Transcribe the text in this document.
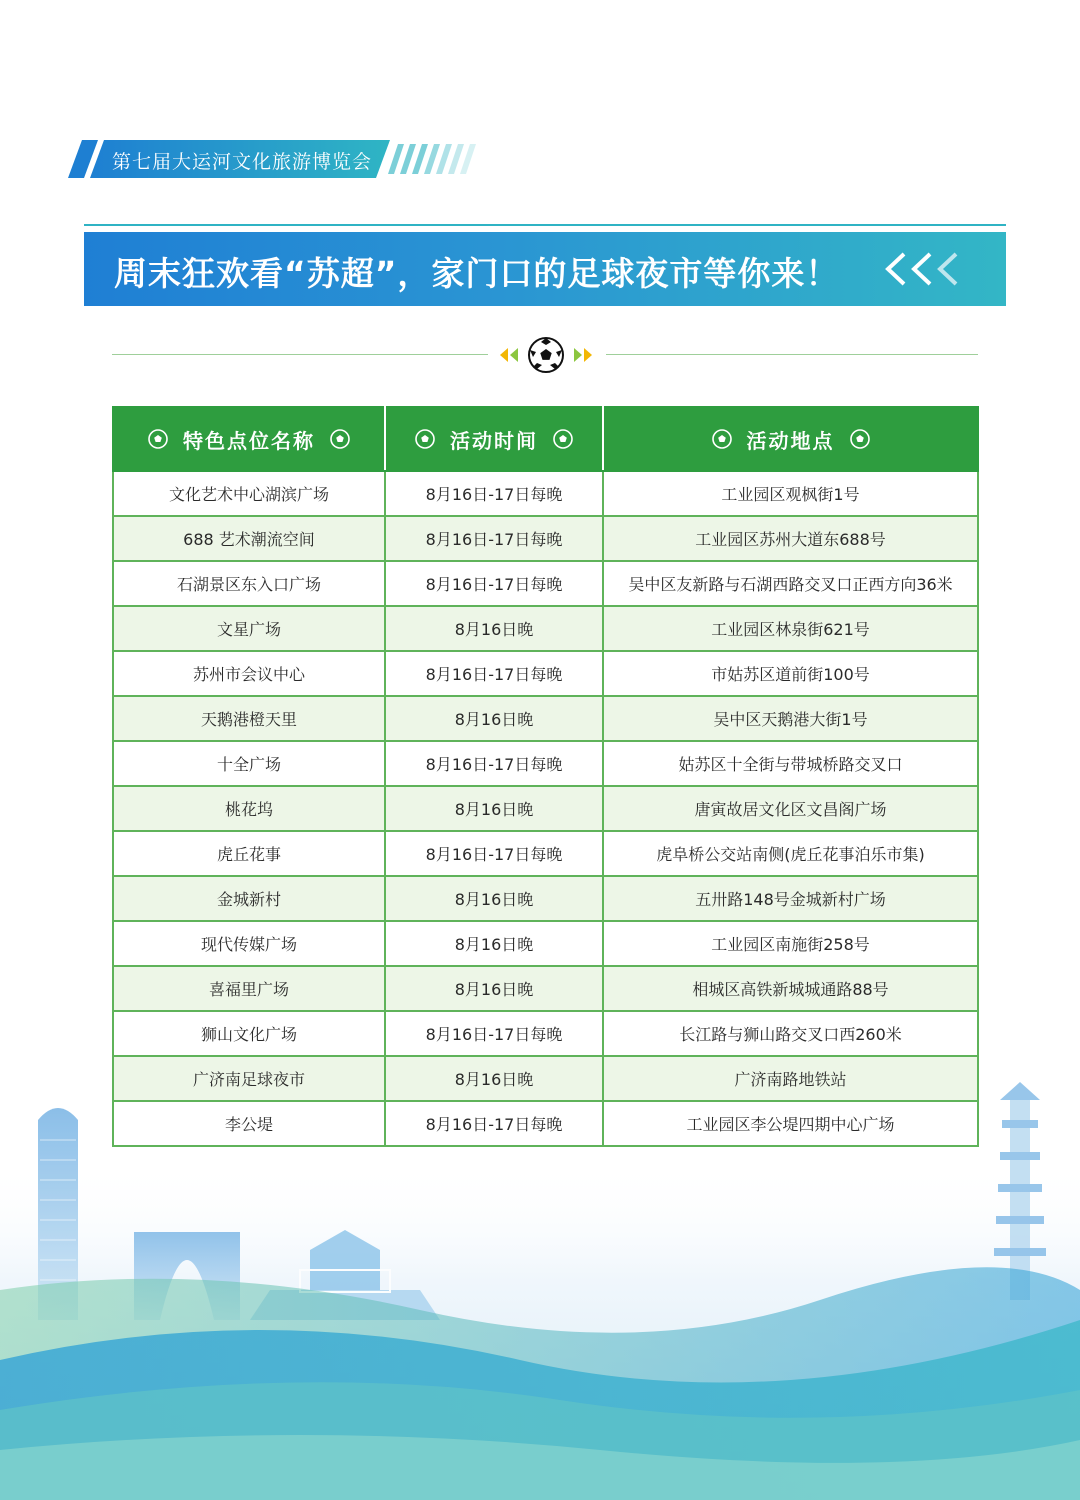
第七届大运河文化旅游博览会
周末狂欢看“苏超”，家门口的足球夜市等你来！
特色点位名称	活动时间	活动地点

文化艺术中心湖滨广场	8月16日-17日每晚	工业园区观枫街1号
688 艺术潮流空间	8月16日-17日每晚	工业园区苏州大道东688号
石湖景区东入口广场	8月16日-17日每晚	吴中区友新路与石湖西路交叉口正西方向36米
文星广场	8月16日晚	工业园区林泉街621号
苏州市会议中心	8月16日-17日每晚	市姑苏区道前街100号
天鹅港橙天里	8月16日晚	吴中区天鹅港大街1号
十全广场	8月16日-17日每晚	姑苏区十全街与带城桥路交叉口
桃花坞	8月16日晚	唐寅故居文化区文昌阁广场
虎丘花事	8月16日-17日每晚	虎阜桥公交站南侧(虎丘花事泊乐市集)
金城新村	8月16日晚	五卅路148号金城新村广场
现代传媒广场	8月16日晚	工业园区南施街258号
喜福里广场	8月16日晚	相城区高铁新城城通路88号
狮山文化广场	8月16日-17日每晚	长江路与狮山路交叉口西260米
广济南足球夜市	8月16日晚	广济南路地铁站
李公堤	8月16日-17日每晚	工业园区李公堤四期中心广场
